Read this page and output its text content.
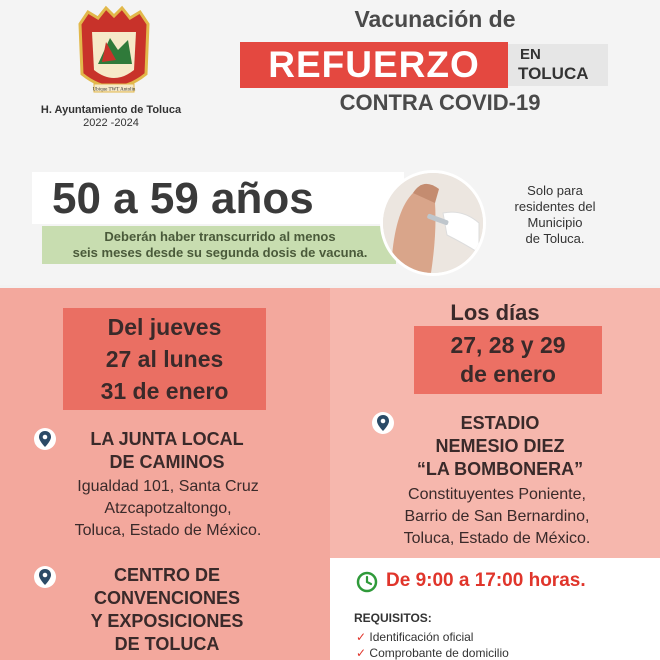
Ubique TWT Antolin
H. Ayuntamiento de Toluca
2022 -2024
Vacunación de
REFUERZO	EN
TOLUCA
CONTRA COVID-19
50 a 59 años
Deberán haber transcurrido al menos
seis meses desde su segunda dosis de vacuna.
Solo para
residentes del
Municipio
de Toluca.
Del jueves
27 al lunes
31 de enero
LA JUNTA LOCAL
DE CAMINOS
Igualdad 101, Santa Cruz
Atzcapotzaltongo,
Toluca, Estado de México.
CENTRO DE
CONVENCIONES
Y EXPOSICIONES
DE TOLUCA
Los días
27, 28 y 29
de enero
ESTADIO
NEMESIO DIEZ
“LA BOMBONERA”
Constituyentes Poniente,
Barrio de San Bernardino,
Toluca, Estado de México.
De 9:00 a 17:00 horas.
REQUISITOS:
✓ Identificación oficial
✓ Comprobante de domicilio
